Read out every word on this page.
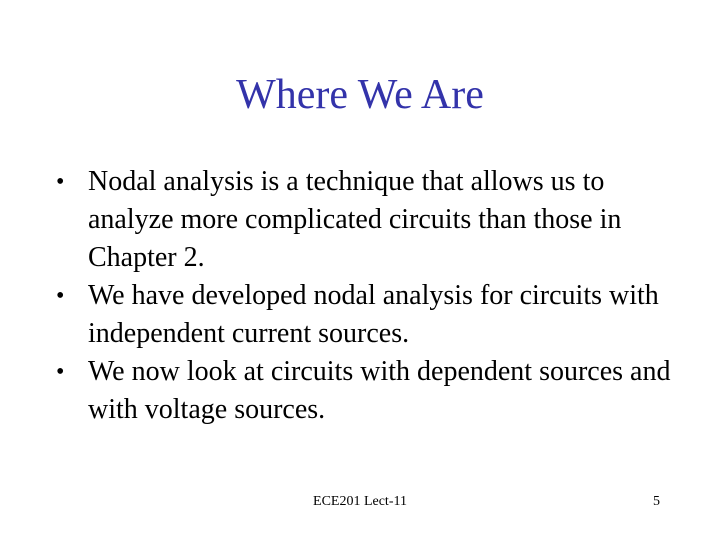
Where We Are
• Nodal analysis is a technique that allows us to analyze more complicated circuits than those in Chapter 2.
• We have developed nodal analysis for circuits with independent current sources.
• We now look at circuits with dependent sources and with voltage sources.
ECE201 Lect-11	5
